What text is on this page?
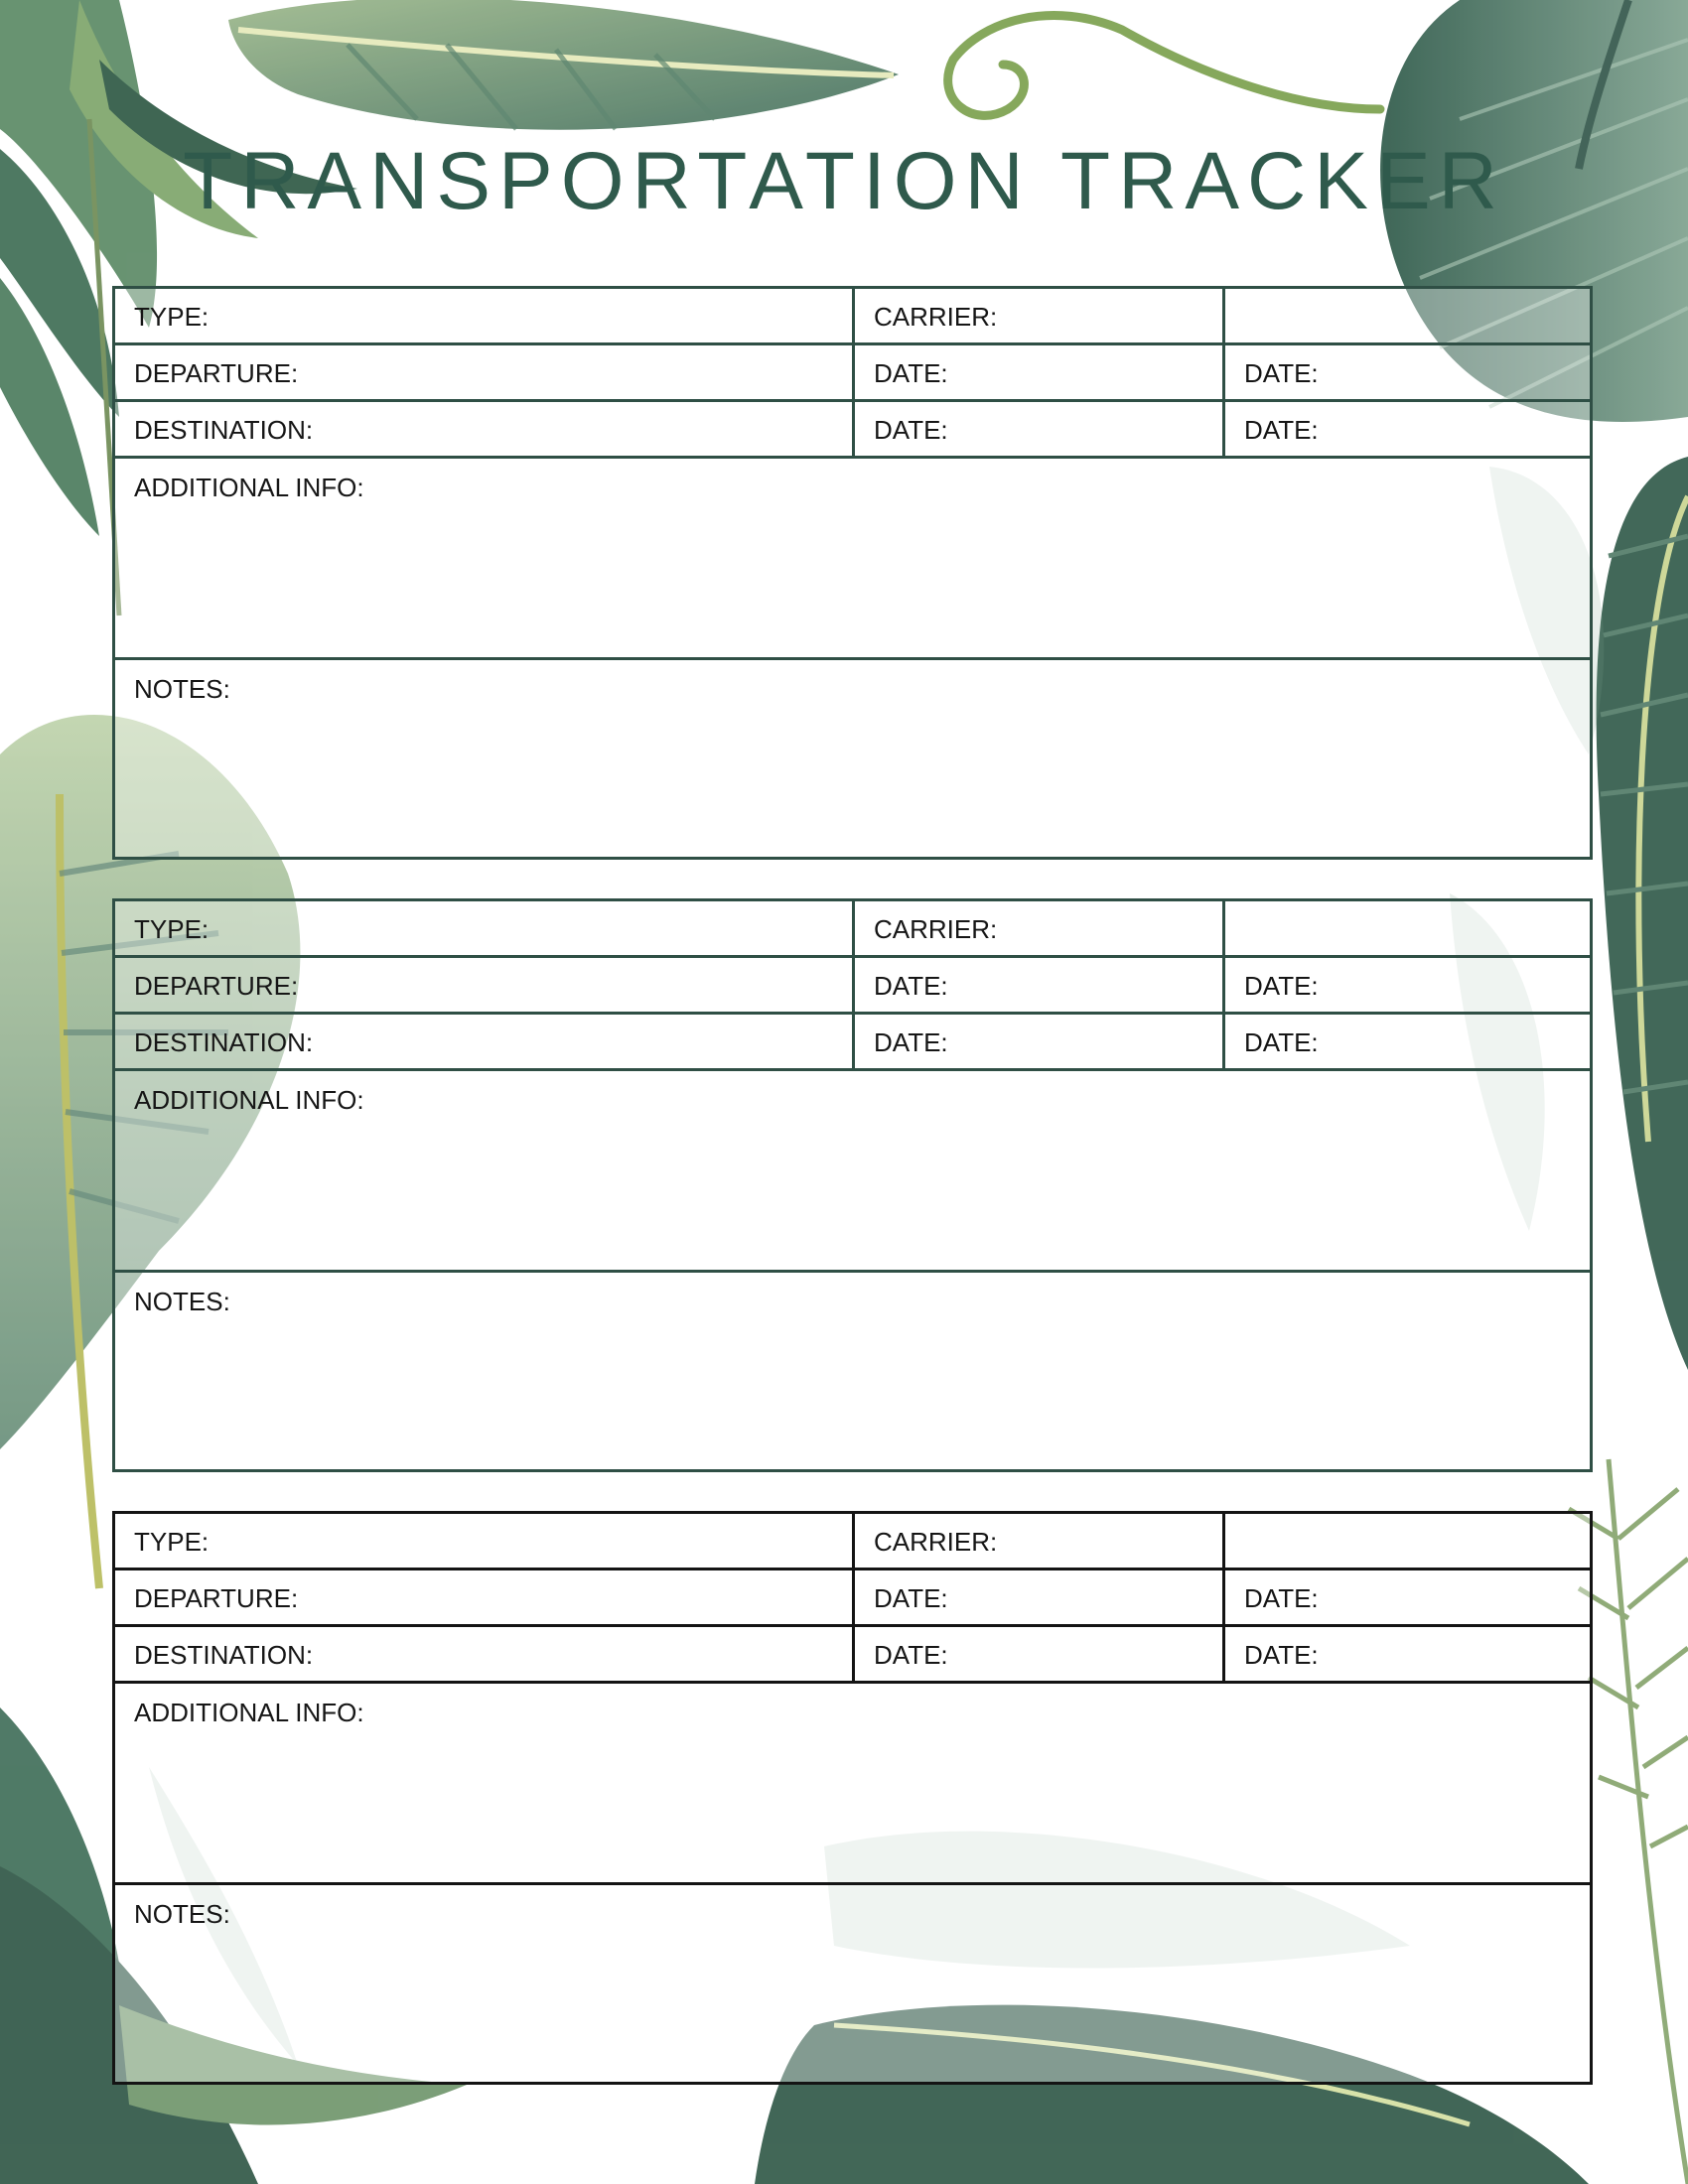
TRANSPORTATION TRACKER
TYPE:	CARRIER:
DEPARTURE:	DATE:	DATE:
DESTINATION:	DATE:	DATE:
ADDITIONAL INFO:
NOTES:
TYPE:	CARRIER:
DEPARTURE:	DATE:	DATE:
DESTINATION:	DATE:	DATE:
ADDITIONAL INFO:
NOTES:
TYPE:	CARRIER:
DEPARTURE:	DATE:	DATE:
DESTINATION:	DATE:	DATE:
ADDITIONAL INFO:
NOTES:
